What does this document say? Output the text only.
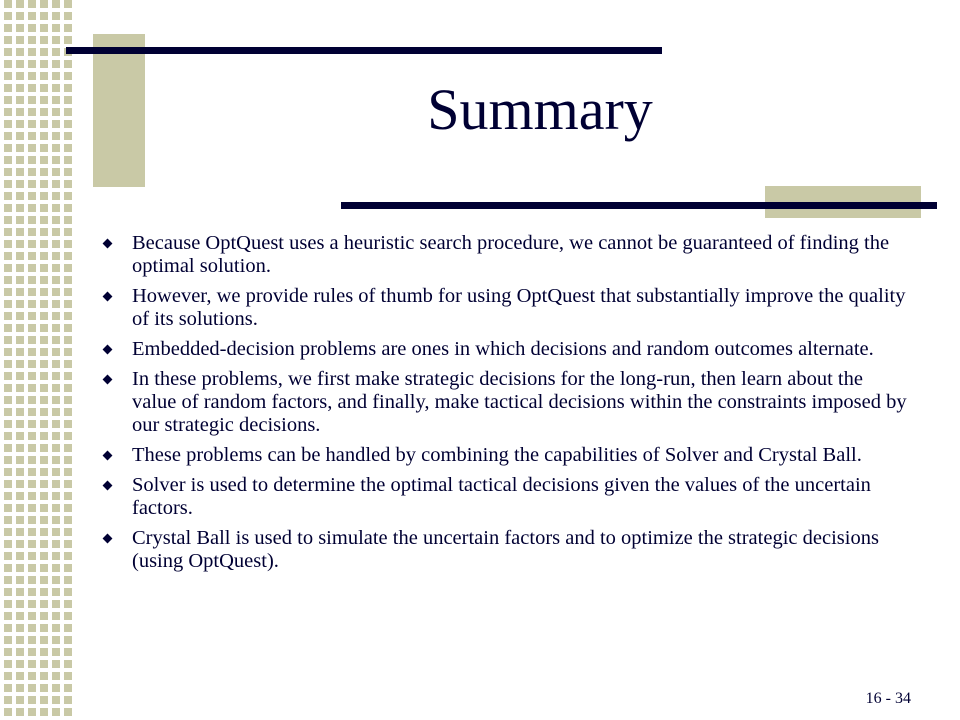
Summary
Because OptQuest uses a heuristic search procedure, we cannot be guaranteed of finding the optimal solution.
However, we provide rules of thumb for using OptQuest that substantially improve the quality of its solutions.
Embedded-decision problems are ones in which decisions and random outcomes alternate.
In these problems, we first make strategic decisions for the long-run, then learn about the value of random factors, and finally, make tactical decisions within the constraints imposed by our strategic decisions.
These problems can be handled by combining the capabilities of Solver and Crystal Ball.
Solver is used to determine the optimal tactical decisions given the values of the uncertain factors.
Crystal Ball is used to simulate the uncertain factors and to optimize the strategic decisions (using OptQuest).
16 - 34
